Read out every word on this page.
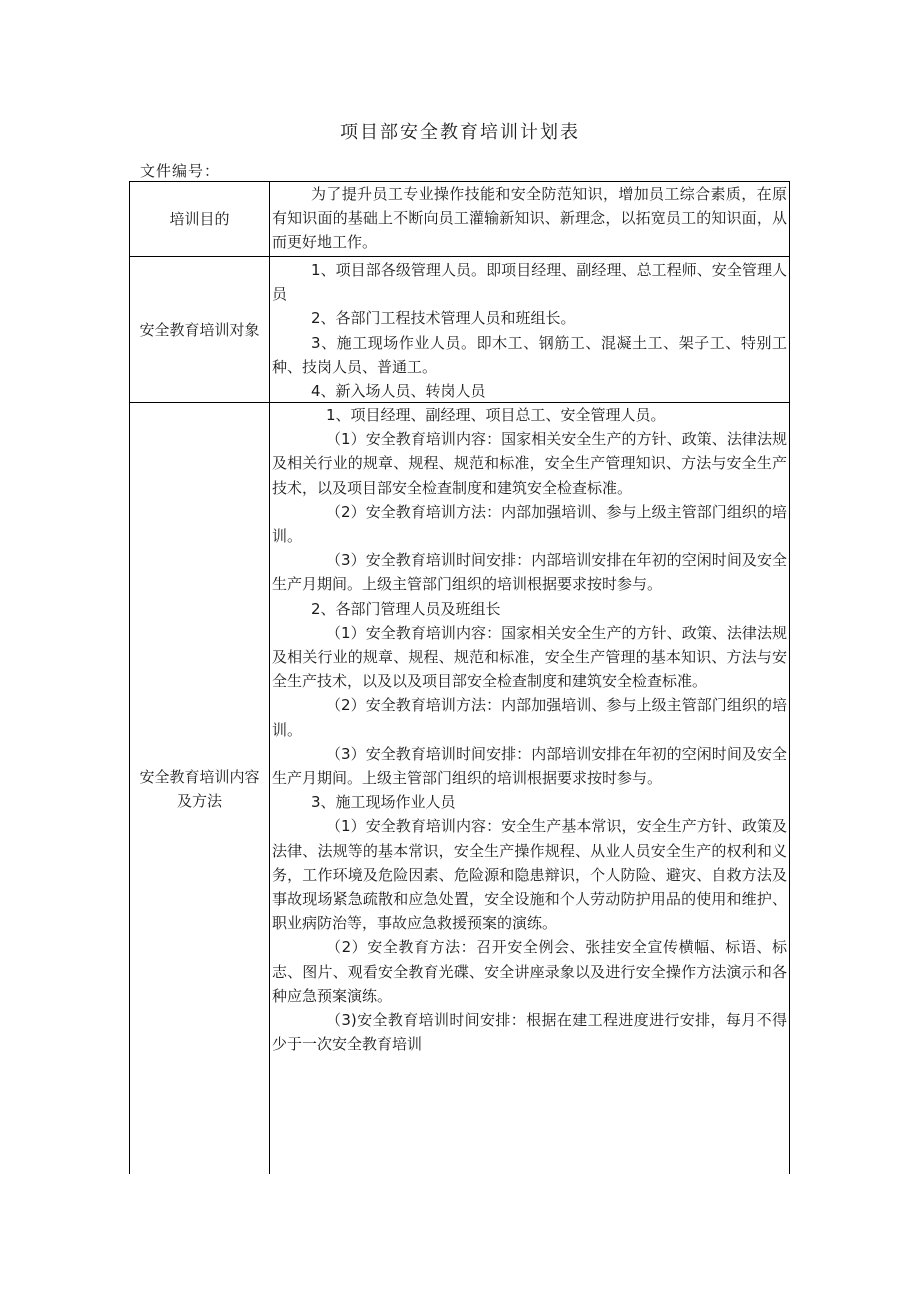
项目部安全教育培训计划表
文件编号：
培训目的

为了提升员工专业操作技能和安全防范知识，增加员工综合素质，在原有知识面的基础上不断向员工灌输新知识、新理念，以拓宽员工的知识面，从而更好地工作。

安全教育培训对象

1、项目部各级管理人员。即项目经理、副经理、总工程师、安全管理人员

2、各部门工程技术管理人员和班组长。

3、施工现场作业人员。即木工、钢筋工、混凝土工、架子工、特别工种、技岗人员、普通工。

4、新入场人员、转岗人员

安全教育培训内容及方法

1、项目经理、副经理、项目总工、安全管理人员。

（1）安全教育培训内容：国家相关安全生产的方针、政策、法律法规及相关行业的规章、规程、规范和标准，安全生产管理知识、方法与安全生产技术，以及项目部安全检查制度和建筑安全检查标准。

（2）安全教育培训方法：内部加强培训、参与上级主管部门组织的培训。

（3）安全教育培训时间安排：内部培训安排在年初的空闲时间及安全生产月期间。上级主管部门组织的培训根据要求按时参与。

2、各部门管理人员及班组长

（1）安全教育培训内容：国家相关安全生产的方针、政策、法律法规及相关行业的规章、规程、规范和标准，安全生产管理的基本知识、方法与安全生产技术，以及以及项目部安全检查制度和建筑安全检查标准。

（2）安全教育培训方法：内部加强培训、参与上级主管部门组织的培训。

（3）安全教育培训时间安排：内部培训安排在年初的空闲时间及安全生产月期间。上级主管部门组织的培训根据要求按时参与。

3、施工现场作业人员

（1）安全教育培训内容：安全生产基本常识，安全生产方针、政策及法律、法规等的基本常识，安全生产操作规程、从业人员安全生产的权利和义务，工作环境及危险因素、危险源和隐患辩识，个人防险、避灾、自救方法及事故现场紧急疏散和应急处置，安全设施和个人劳动防护用品的使用和维护、职业病防治等，事故应急救援预案的演练。

（2）安全教育方法：召开安全例会、张挂安全宣传横幅、标语、标志、图片、观看安全教育光碟、安全讲座录象以及进行安全操作方法演示和各种应急预案演练。

（3)安全教育培训时间安排：根据在建工程进度进行安排，每月不得少于一次安全教育培训
